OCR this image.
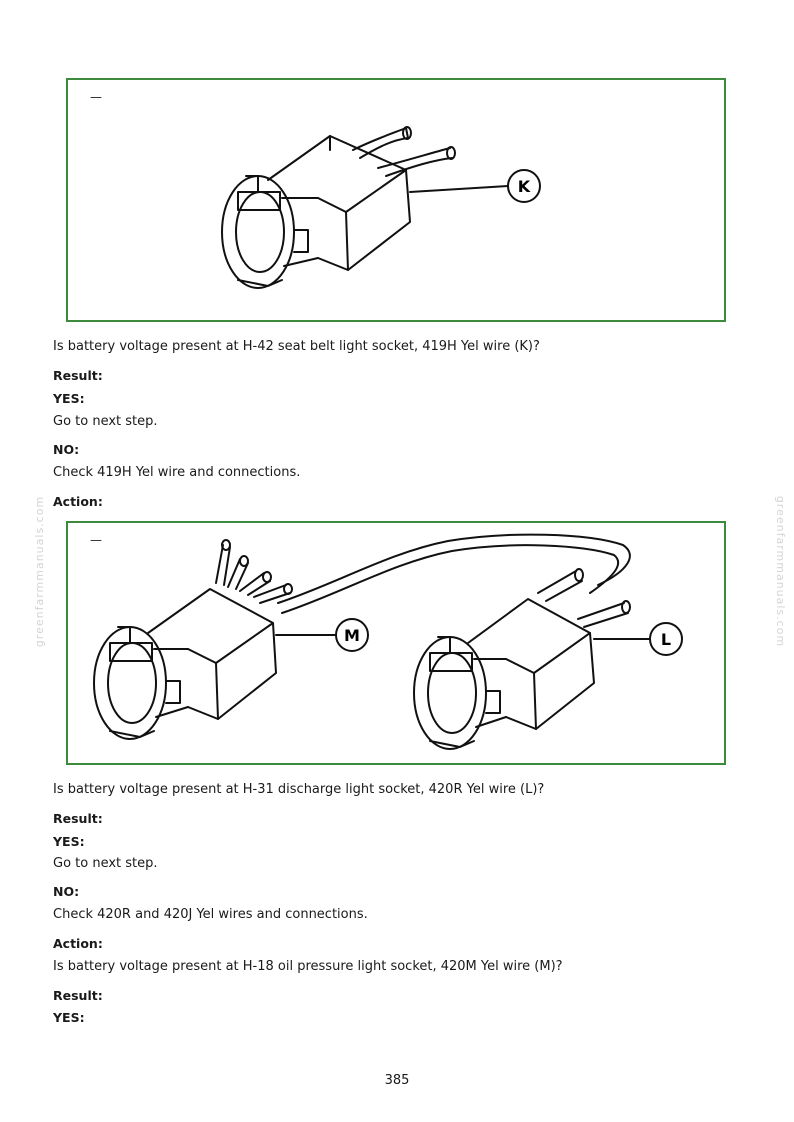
greenfarmmanuals.com	greenfarmmanuals.com
—
K
Is battery voltage present at H-42 seat belt light socket, 419H Yel wire (K)?
Result:
YES:
Go to next step.
NO:
Check 419H Yel wire and connections.
Action:
—
M	L
Is battery voltage present at H-31 discharge light socket, 420R Yel wire (L)?
Result:
YES:
Go to next step.
NO:
Check 420R and 420J Yel wires and connections.
Action:
Is battery voltage present at H-18 oil pressure light socket, 420M Yel wire (M)?
Result:
YES:
385
